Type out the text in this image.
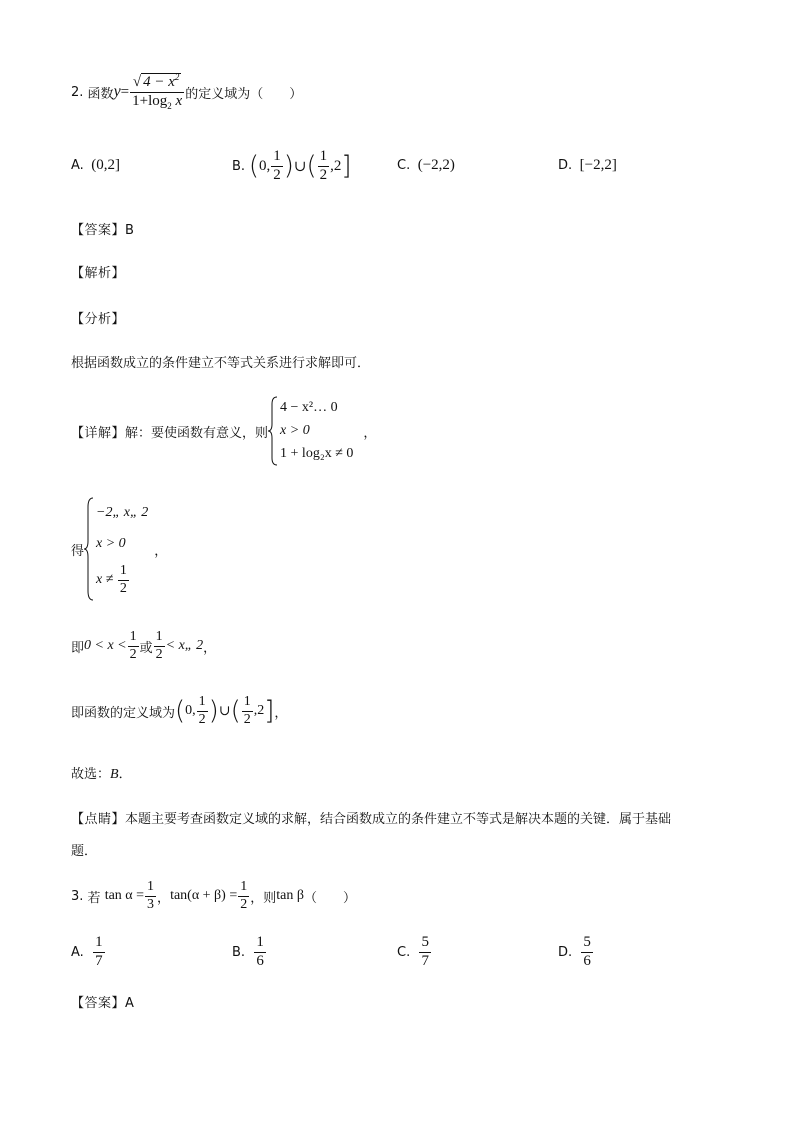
2.
函数 $y = \frac{√ 4 - x^2}{1+\log_2 x}$ 的定义域为（　　）
A. (0,2]	B.
( 0, $\frac{1}{2}$ ) ∪ ( $\frac{1}{2} ,2$ ]	C. (−2,2)	D. [−2,2]
【答案】B
【解析】
【分析】
根据函数成立的条件建立不等式关系进行求解即可．
【详解】 解：要使函数有意义，则
4 − x²… 0
x > 0
1 + log₂x ≠ 0
，
得
−2„ x„ 2
x > 0
x ≠
$\frac{1}{2}$
，
即 $0 < x < \frac{1}{2}$ 或 $\frac{1}{2}$ < x„ 2 ，
即函数的定义域为 ( 0, $\frac{1}{2}$ ) ∪ ( $\frac{1}{2} ,2$ ] ，
故选：B．
【点睛】本题主要考查函数定义域的求解，结合函数成立的条件建立不等式是解决本题的关键．属于基础
题．
3.
若
$\tan \alpha = \frac{1}{3}$ ， $\tan(\alpha + \beta) = \frac{1}{2}$ ，则 tan β （　　）
A.
$\frac{1}{7}$	B.
$\frac{1}{6}$	C.
$\frac{5}{7}$	D.
$\frac{5}{6}$
【答案】A
